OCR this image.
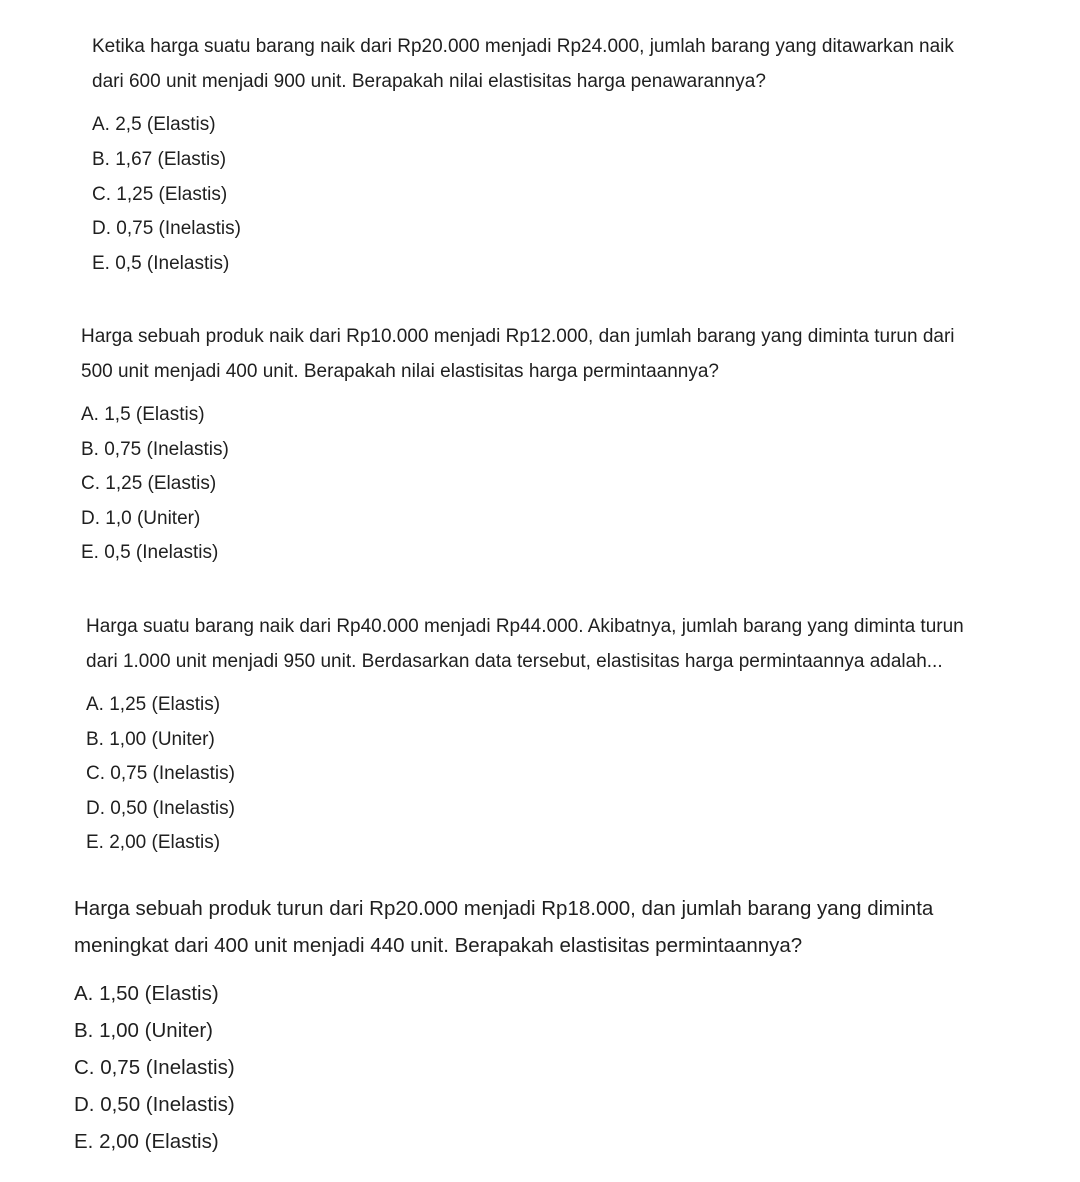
Ketika harga suatu barang naik dari Rp20.000 menjadi Rp24.000, jumlah barang yang ditawarkan naik
dari 600 unit menjadi 900 unit. Berapakah nilai elastisitas harga penawarannya?

A. 2,5 (Elastis)
B. 1,67 (Elastis)
C. 1,25 (Elastis)
D. 0,75 (Inelastis)
E. 0,5 (Inelastis)

Harga sebuah produk naik dari Rp10.000 menjadi Rp12.000, dan jumlah barang yang diminta turun dari
500 unit menjadi 400 unit. Berapakah nilai elastisitas harga permintaannya?

A. 1,5 (Elastis)
B. 0,75 (Inelastis)
C. 1,25 (Elastis)
D. 1,0 (Uniter)
E. 0,5 (Inelastis)

Harga suatu barang naik dari Rp40.000 menjadi Rp44.000. Akibatnya, jumlah barang yang diminta turun
dari 1.000 unit menjadi 950 unit. Berdasarkan data tersebut, elastisitas harga permintaannya adalah...

A. 1,25 (Elastis)
B. 1,00 (Uniter)
C. 0,75 (Inelastis)
D. 0,50 (Inelastis)
E. 2,00 (Elastis)

Harga sebuah produk turun dari Rp20.000 menjadi Rp18.000, dan jumlah barang yang diminta
meningkat dari 400 unit menjadi 440 unit. Berapakah elastisitas permintaannya?

A. 1,50 (Elastis)
B. 1,00 (Uniter)
C. 0,75 (Inelastis)
D. 0,50 (Inelastis)
E. 2,00 (Elastis)
